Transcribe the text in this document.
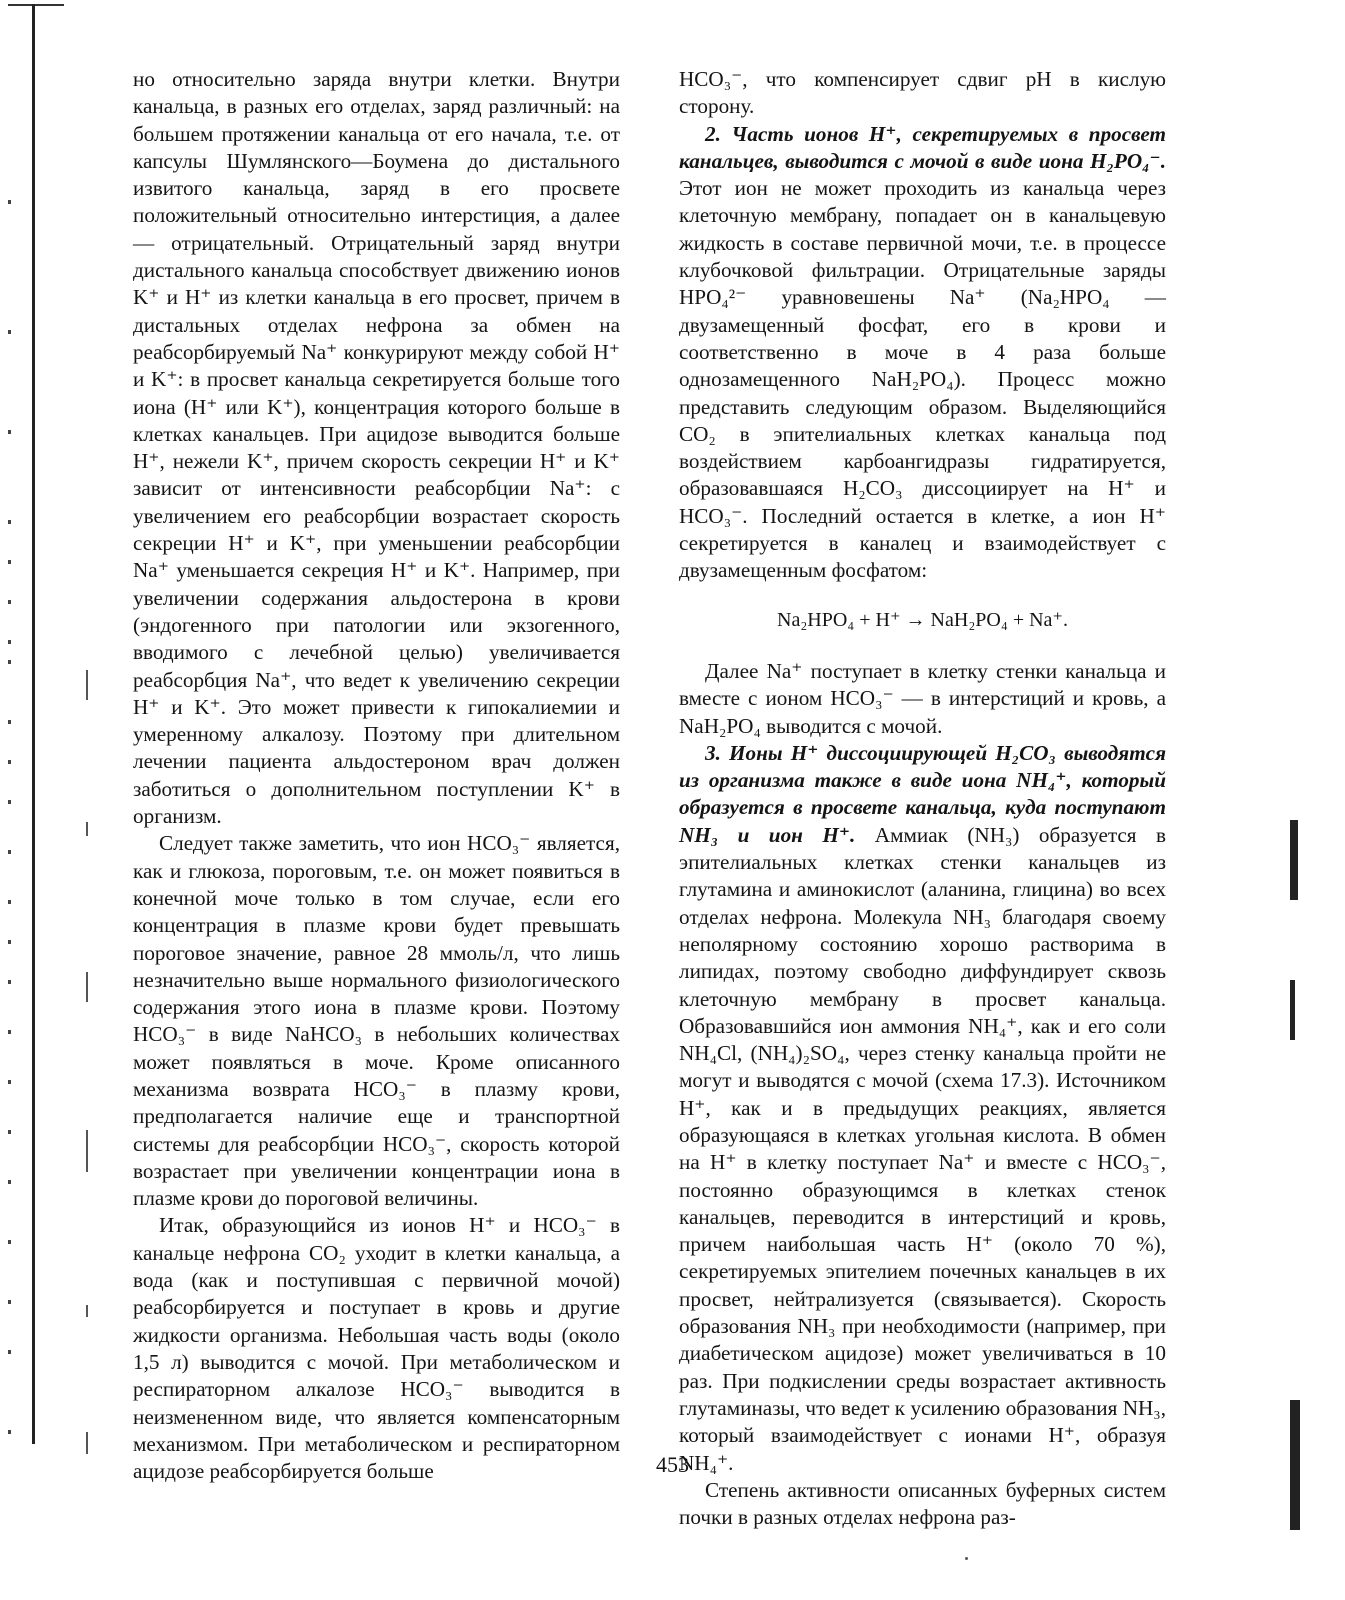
но относительно заряда внутри клетки. Внутри канальца, в разных его отделах, заряд различный: на большем протяжении канальца от его начала, т.е. от капсулы Шумлянского—Боумена до дистального извитого канальца, заряд в его просвете положительный относительно интерстиция, а далее — отрицательный. Отрицательный заряд внутри дистального канальца способствует движению ионов K⁺ и H⁺ из клетки канальца в его просвет, причем в дистальных отделах нефрона за обмен на реабсорбируемый Na⁺ конкурируют между собой H⁺ и K⁺: в просвет канальца секретируется больше того иона (H⁺ или K⁺), концентрация которого больше в клетках канальцев. При ацидозе выводится больше H⁺, нежели K⁺, причем скорость секреции H⁺ и K⁺ зависит от интенсивности реабсорбции Na⁺: с увеличением его реабсорбции возрастает скорость секреции H⁺ и K⁺, при уменьшении реабсорбции Na⁺ уменьшается секреция H⁺ и K⁺. Например, при увеличении содержания альдостерона в крови (эндогенного при патологии или экзогенного, вводимого с лечебной целью) увеличивается реабсорбция Na⁺, что ведет к увеличению секреции H⁺ и K⁺. Это может привести к гипокалиемии и умеренному алкалозу. Поэтому при длительном лечении пациента альдостероном врач должен заботиться о дополнительном поступлении K⁺ в организм.

Следует также заметить, что ион HCO₃⁻ является, как и глюкоза, пороговым, т.е. он может появиться в конечной моче только в том случае, если его концентрация в плазме крови будет превышать пороговое значение, равное 28 ммоль/л, что лишь незначительно выше нормального физиологического содержания этого иона в плазме крови. Поэтому HCO₃⁻ в виде NaHCO₃ в небольших количествах может появляться в моче. Кроме описанного механизма возврата HCO₃⁻ в плазму крови, предполагается наличие еще и транспортной системы для реабсорбции HCO₃⁻, скорость которой возрастает при увеличении концентрации иона в плазме крови до пороговой величины.

Итак, образующийся из ионов H⁺ и HCO₃⁻ в канальце нефрона CO₂ уходит в клетки канальца, а вода (как и поступившая с первичной мочой) реабсорбируется и поступает в кровь и другие жидкости организма. Небольшая часть воды (около 1,5 л) выводится с мочой. При метаболическом и респираторном алкалозе HCO₃⁻ выводится в неизмененном виде, что является компенсаторным механизмом. При метаболическом и респираторном ацидозе реабсорбируется больше

HCO₃⁻, что компенсирует сдвиг pH в кислую сторону.

2. Часть ионов H⁺, секретируемых в просвет канальцев, выводится с мочой в виде иона H₂PO₄⁻. Этот ион не может проходить из канальца через клеточную мембрану, попадает он в канальцевую жидкость в составе первичной мочи, т.е. в процессе клубочковой фильтрации. Отрицательные заряды HPO₄²⁻ уравновешены Na⁺ (Na₂HPO₄ — двузамещенный фосфат, его в крови и соответственно в моче в 4 раза больше однозамещенного NaH₂PO₄). Процесс можно представить следующим образом. Выделяющийся CO₂ в эпителиальных клетках канальца под воздействием карбоангидразы гидратируется, образовавшаяся H₂CO₃ диссоциирует на H⁺ и HCO₃⁻. Последний остается в клетке, а ион H⁺ секретируется в каналец и взаимодействует с двузамещенным фосфатом:

Na₂HPO₄ + H⁺ → NaH₂PO₄ + Na⁺.

Далее Na⁺ поступает в клетку стенки канальца и вместе с ионом HCO₃⁻ — в интерстиций и кровь, а NaH₂PO₄ выводится с мочой.

3. Ионы H⁺ диссоциирующей H₂CO₃ выводятся из организма также в виде иона NH₄⁺, который образуется в просвете канальца, куда поступают NH₃ и ион H⁺. Аммиак (NH₃) образуется в эпителиальных клетках стенки канальцев из глутамина и аминокислот (аланина, глицина) во всех отделах нефрона. Молекула NH₃ благодаря своему неполярному состоянию хорошо растворима в липидах, поэтому свободно диффундирует сквозь клеточную мембрану в просвет канальца. Образовавшийся ион аммония NH₄⁺, как и его соли NH₄Cl, (NH₄)₂SO₄, через стенку канальца пройти не могут и выводятся с мочой (схема 17.3). Источником H⁺, как и в предыдущих реакциях, является образующаяся в клетках угольная кислота. В обмен на H⁺ в клетку поступает Na⁺ и вместе с HCO₃⁻, постоянно образующимся в клетках стенок канальцев, переводится в интерстиций и кровь, причем наибольшая часть H⁺ (около 70 %), секретируемых эпителием почечных канальцев в их просвет, нейтрализуется (связывается). Скорость образования NH₃ при необходимости (например, при диабетическом ацидозе) может увеличиваться в 10 раз. При подкислении среды возрастает активность глутаминазы, что ведет к усилению образования NH₃, который взаимодействует с ионами H⁺, образуя NH₄⁺.

Степень активности описанных буферных систем почки в разных отделах нефрона раз-

453
